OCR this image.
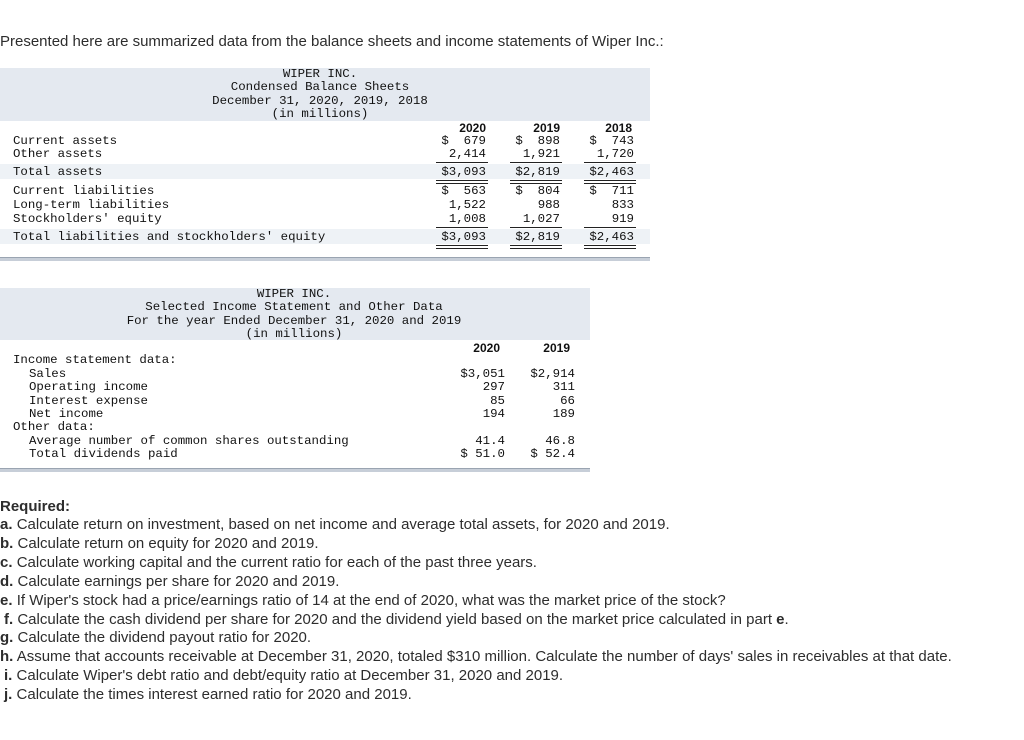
Presented here are summarized data from the balance sheets and income statements of Wiper Inc.:
WIPER INC.
Condensed Balance Sheets
December 31, 2020, 2019, 2018
(in millions)
2020	2019	2018
Current assets	$  679	$  898	$  743
Other assets	2,414	1,921	1,720
Total assets	$3,093	$2,819	$2,463
Current liabilities	$  563	$  804	$  711
Long-term liabilities	1,522	988	833
Stockholders' equity	1,008	1,027	919
Total liabilities and stockholders' equity	$3,093	$2,819	$2,463
WIPER INC.
Selected Income Statement and Other Data
For the year Ended December 31, 2020 and 2019
(in millions)
2020	2019
Income statement data:
Sales	$3,051	$2,914
Operating income	297	311
Interest expense	85	66
Net income	194	189
Other data:
Average number of common shares outstanding	41.4	46.8
Total dividends paid	$ 51.0	$ 52.4
Required:
a. Calculate return on investment, based on net income and average total assets, for 2020 and 2019.
b. Calculate return on equity for 2020 and 2019.
c. Calculate working capital and the current ratio for each of the past three years.
d. Calculate earnings per share for 2020 and 2019.
e. If Wiper's stock had a price/earnings ratio of 14 at the end of 2020, what was the market price of the stock?
f. Calculate the cash dividend per share for 2020 and the dividend yield based on the market price calculated in part e.
g. Calculate the dividend payout ratio for 2020.
h. Assume that accounts receivable at December 31, 2020, totaled $310 million. Calculate the number of days' sales in receivables at that date.
i. Calculate Wiper's debt ratio and debt/equity ratio at December 31, 2020 and 2019.
j. Calculate the times interest earned ratio for 2020 and 2019.
